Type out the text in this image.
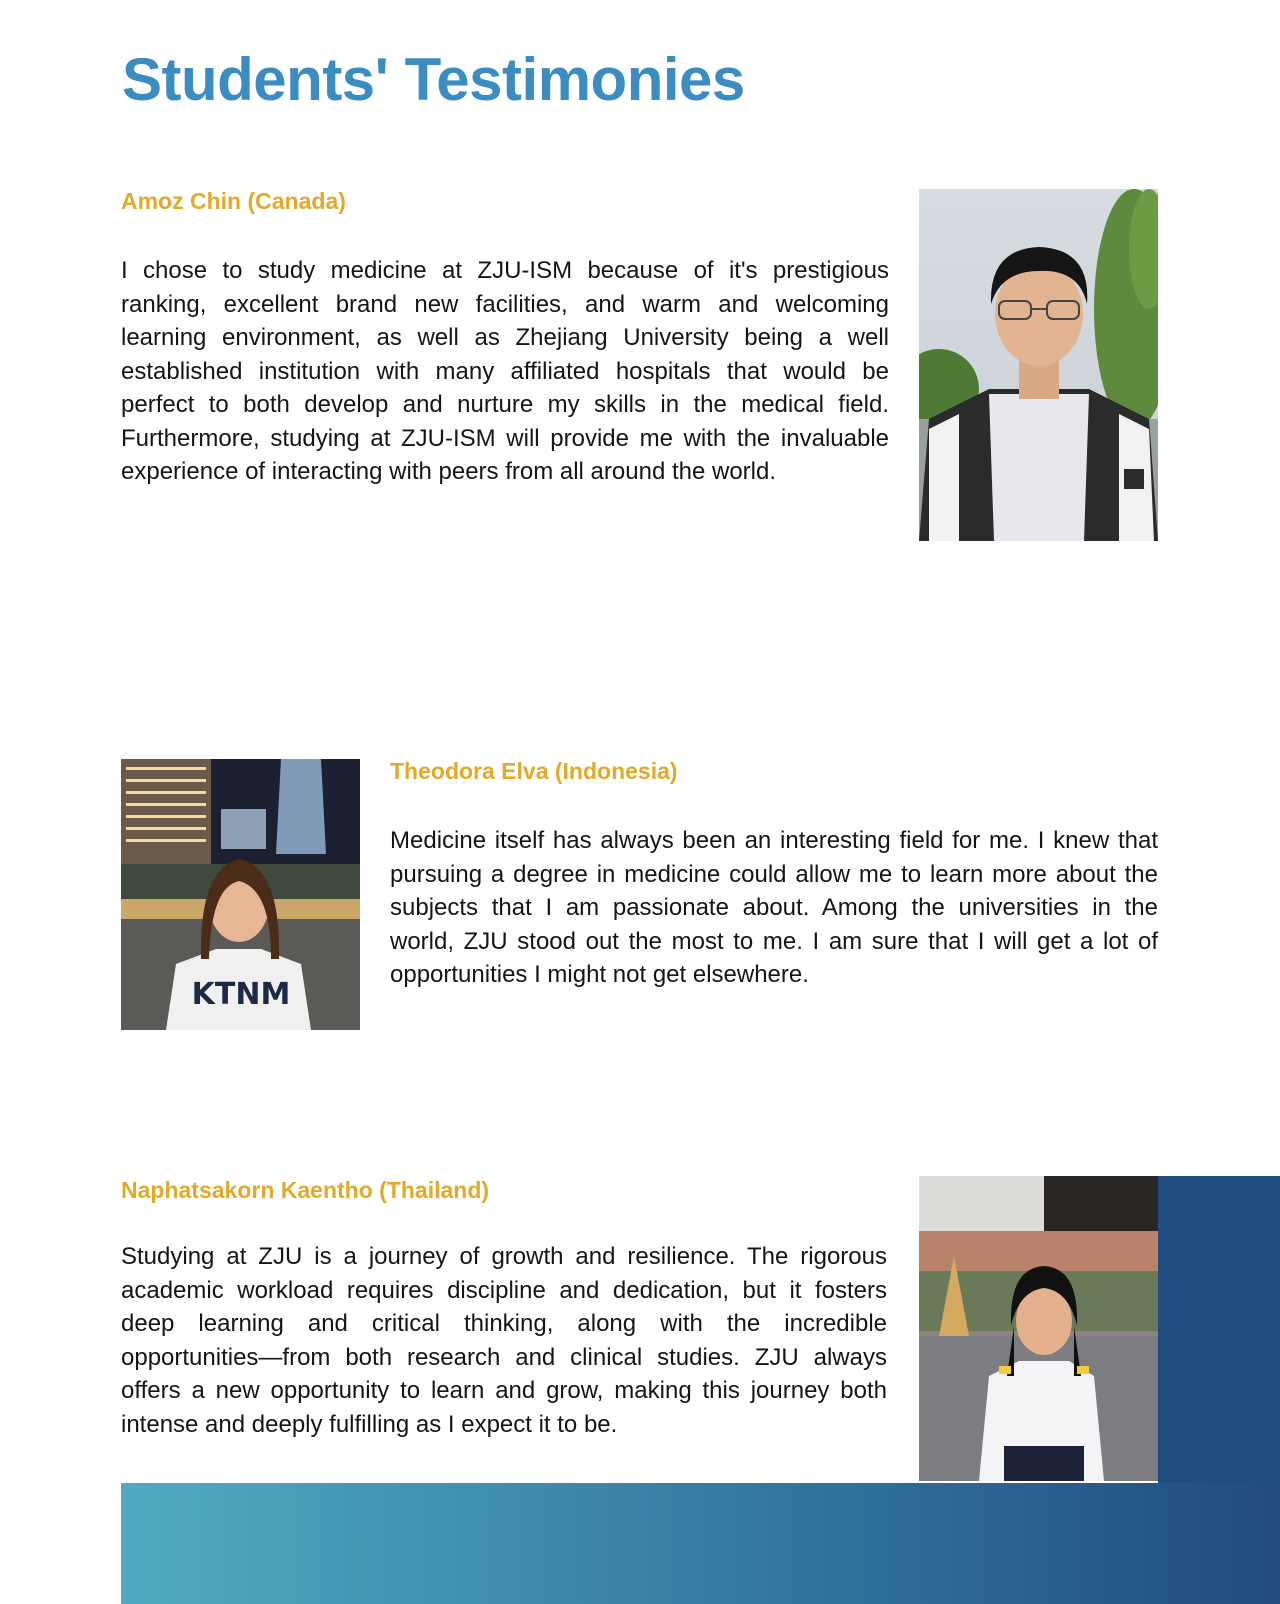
Students' Testimonies
Amoz Chin (Canada)

I chose to study medicine at ZJU-ISM because of it's prestigious ranking, excellent brand new facilities, and warm and welcoming learning environment, as well as Zhejiang University being a well established institution with many affiliated hospitals that would be perfect to both develop and nurture my skills in the medical field. Furthermore, studying at ZJU-ISM will provide me with the invaluable experience of interacting with peers from all around the world.

KTNM
Theodora Elva (Indonesia)

Medicine itself has always been an interesting field for me. I knew that pursuing a degree in medicine could allow me to learn more about the subjects that I am passionate about. Among the universities in the world, ZJU stood out the most to me. I am sure that I will get a lot of opportunities I might not get elsewhere.

Naphatsakorn Kaentho (Thailand)

Studying at ZJU is a journey of growth and resilience. The rigorous academic workload requires discipline and dedication, but it fosters deep learning and critical thinking, along with the incredible opportunities—from both research and clinical studies. ZJU always offers a new opportunity to learn and grow, making this journey both intense and deeply fulfilling as I expect it to be.
